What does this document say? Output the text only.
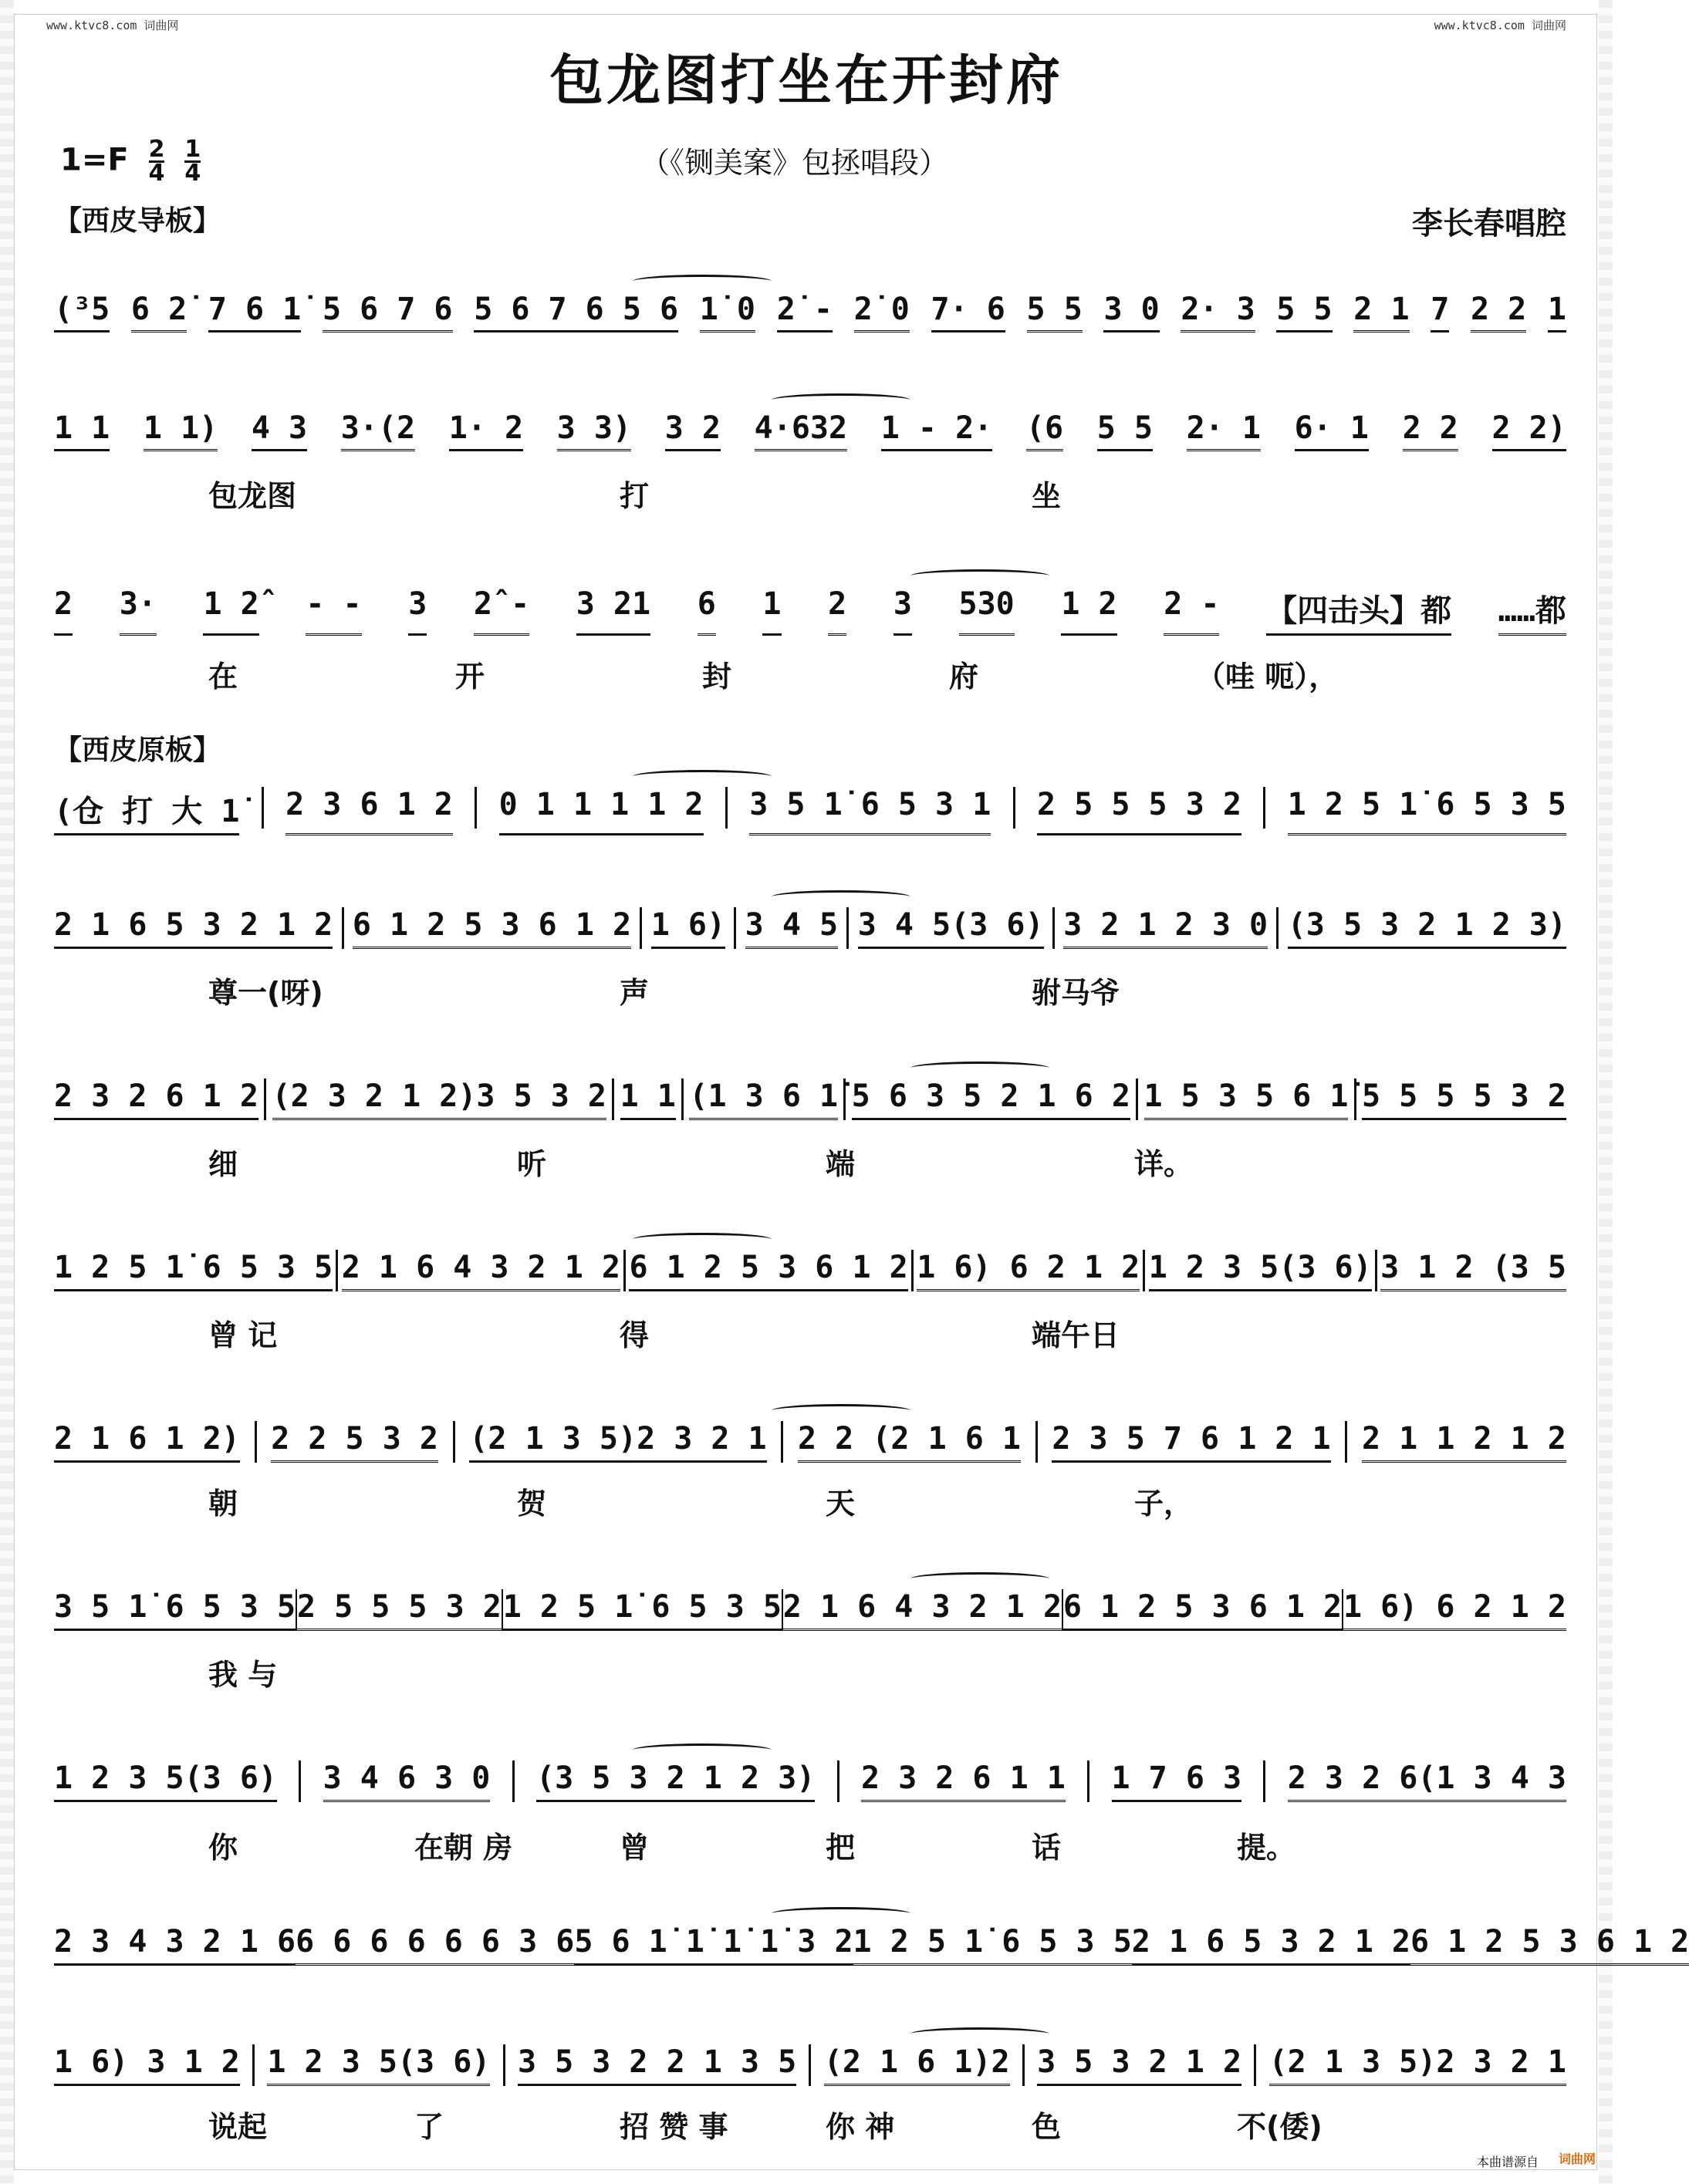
www.ktvc8.com 词曲网	www.ktvc8.com 词曲网
包龙图打坐在开封府
$1=F \frac{2}{4}$
$\frac{1}{4}$	（《铡美案》包拯唱段）
【西皮导板】	李长春唱腔
【西皮原板】
(³5 6 2̇ 7 6 1̇ 5 6 7 6 5 6 7 6 5 6 1̇ 0 2̇ - 2̇ 0 7· 6 5 5 3 0 2· 3 5 5 2 1 7 2 2 1
1 1 1 1) 4 3 3·(2 1· 2 3 3) 3 2 4·632 1 - 2· (6 5 5 2· 1 6· 1 2 2 2 2)
包龙图	打	坐
2 3· 1 2̂ - - 3 2̂ - 3 21 6 1 2 3 530 1 2 2 - 【四击头】都 ……都
在	开	封	府	（哇 呃），
(仓 打 大 1̇ 2 3 6 1 2 0 1 1 1 1 2 3 5 1̇ 6 5 3 1 2 5 5 5 3 2 1 2 5 1̇ 6 5 3 5
2 1 6 5 3 2 1 2 6 1 2 5 3 6 1 2 1 6) 3 4 5 3 4 5(3 6) 3 2 1 2 3 0 (3 5 3 2 1 2 3)
尊一(呀)	声	驸马爷
2 3 2 6 1 2 (2 3 2 1 2)3 5 3 2 1 1 (1 3 6 1̇ 5 6 3 5 2 1 6 2 1 5 3 5 6 1̇ 5 5 5 5 3 2
细	听	端	详。
1 2 5 1̇ 6 5 3 5 2 1 6 4 3 2 1 2 6 1 2 5 3 6 1 2 1 6) 6 2 1 2 1 2 3 5(3 6) 3 1 2 (3 5
曾 记	得	端午日
2 1 6 1 2) 2 2 5 3 2 (2 1 3 5)2 3 2 1 2 2 (2 1 6 1 2 3 5 7 6 1 2 1 2 1 1 2 1 2
朝	贺	天	子，
3 5 1̇ 6 5 3 5 2 5 5 5 3 2 1 2 5 1̇ 6 5 3 5 2 1 6 4 3 2 1 2 6 1 2 5 3 6 1 2 1 6) 6 2 1 2
我 与
1 2 3 5(3 6) 3 4 6 3 0 (3 5 3 2 1 2 3) 2 3 2 6 1 1 1 7 6 3 2 3 2 6(1 3 4 3
你	在朝 房	曾	把	话	提。
2 3 4 3 2 1 6 6 6 6 6 6 6 3 6 5 6 1̇ 1̇ 1̇ 1̇ 3 2 1 2 5 1̇ 6 5 3 5 2 1 6 5 3 2 1 2 6 1 2 5 3 6 1 2
1 6) 3 1 2 1 2 3 5(3 6) 3 5 3 2 2 1 3 5 (2 1 6 1)2 3 5 3 2 1 2 (2 1 3 5)2 3 2 1
说起	了	招 赞 事	你 神	色	不(倭)
本曲谱源自 词曲网
